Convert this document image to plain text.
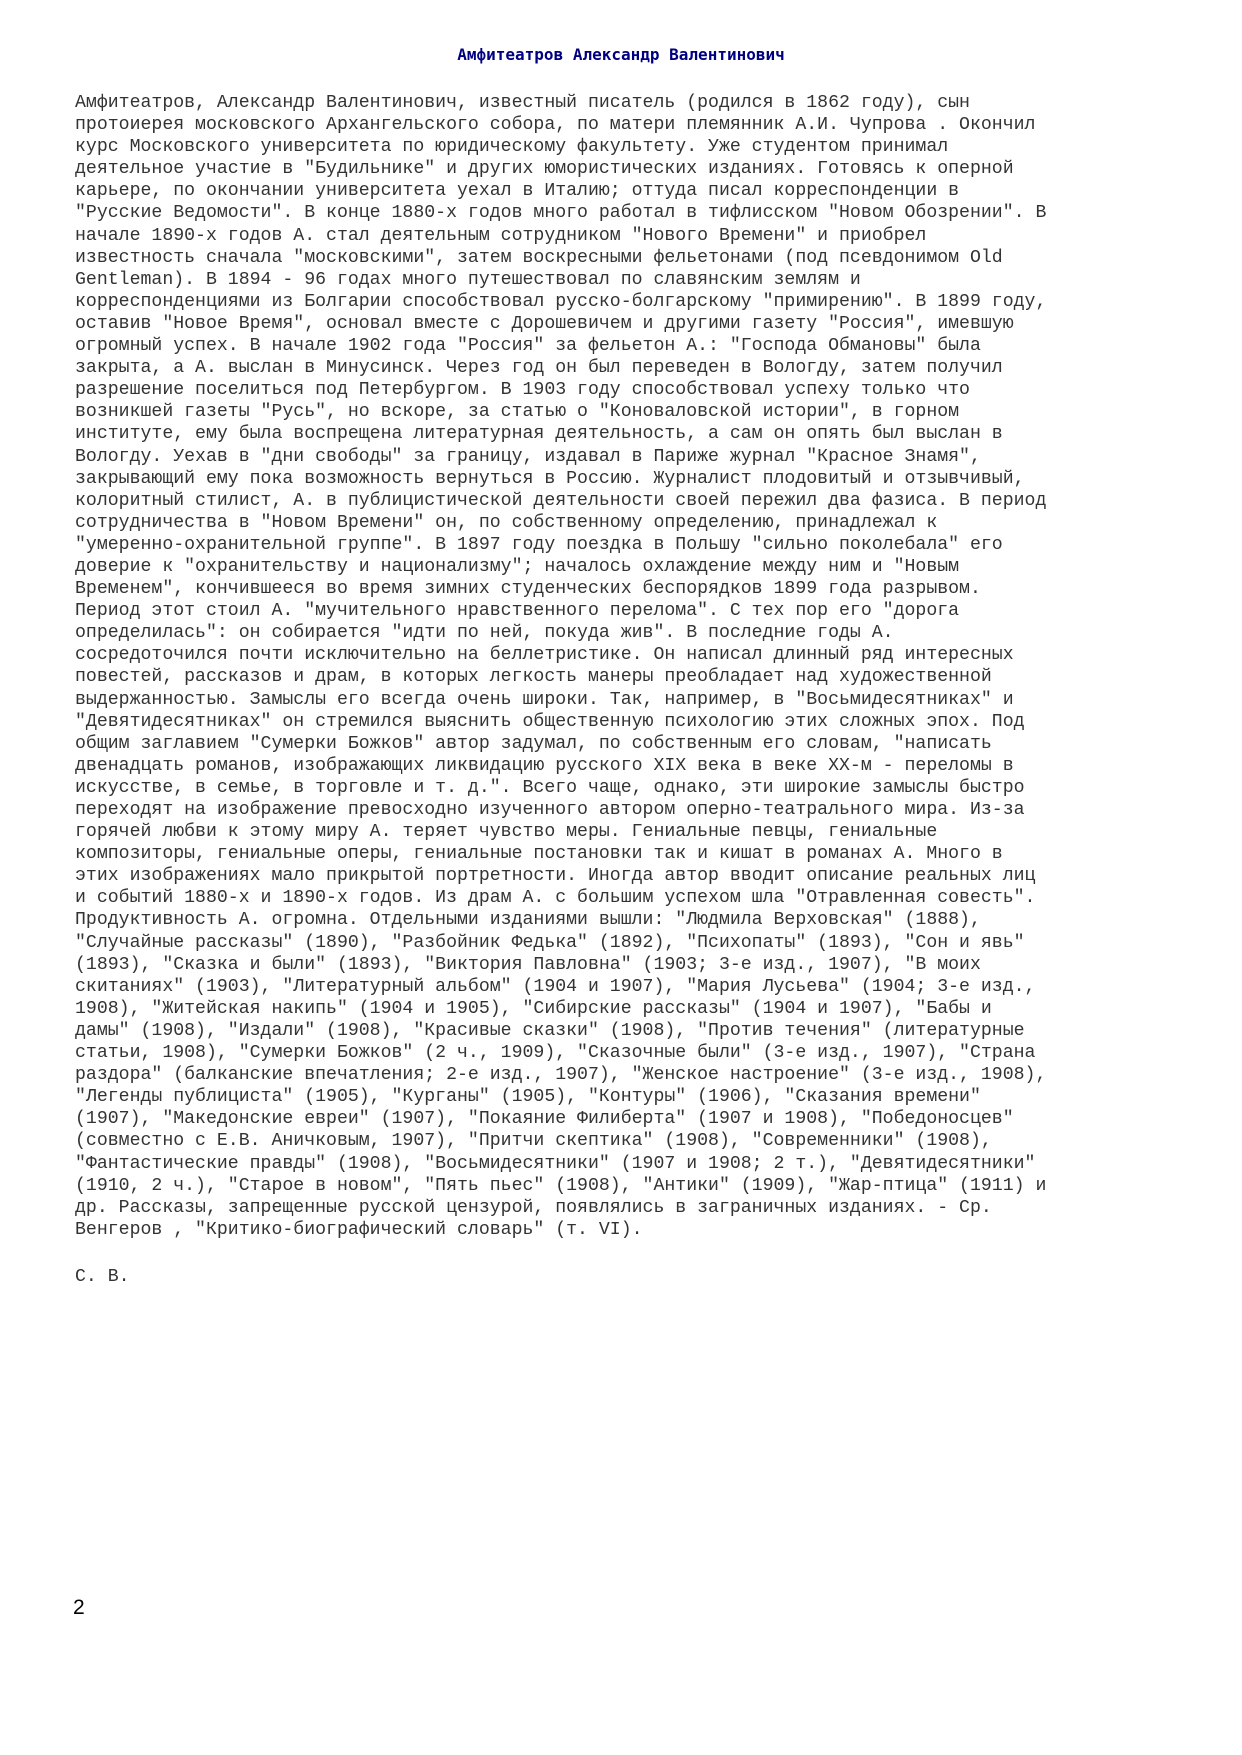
Амфитеатров Александр Валентинович

Амфитеатров, Александр Валентинович, известный писатель (родился в 1862 году), сын
протоиерея московского Архангельского собора, по матери племянник А.И. Чупрова . Окончил
курс Московского университета по юридическому факультету. Уже студентом принимал
деятельное участие в "Будильнике" и других юмористических изданиях. Готовясь к оперной
карьере, по окончании университета уехал в Италию; оттуда писал корреспонденции в
"Русские Ведомости". В конце 1880-х годов много работал в тифлисском "Новом Обозрении". В
начале 1890-х годов А. стал деятельным сотрудником "Нового Времени" и приобрел
известность сначала "московскими", затем воскресными фельетонами (под псевдонимом Old
Gentleman). В 1894 - 96 годах много путешествовал по славянским землям и
корреспонденциями из Болгарии способствовал русско-болгарскому "примирению". В 1899 году,
оставив "Новое Время", основал вместе с Дорошевичем и другими газету "Россия", имевшую
огромный успех. В начале 1902 года "Россия" за фельетон А.: "Господа Обмановы" была
закрыта, а А. выслан в Минусинск. Через год он был переведен в Вологду, затем получил
разрешение поселиться под Петербургом. В 1903 году способствовал успеху только что
возникшей газеты "Русь", но вскоре, за статью о "Коноваловской истории", в горном
институте, ему была воспрещена литературная деятельность, а сам он опять был выслан в
Вологду. Уехав в "дни свободы" за границу, издавал в Париже журнал "Красное Знамя",
закрывающий ему пока возможность вернуться в Россию. Журналист плодовитый и отзывчивый,
колоритный стилист, А. в публицистической деятельности своей пережил два фазиса. В период
сотрудничества в "Новом Времени" он, по собственному определению, принадлежал к
"умеренно-охранительной группе". В 1897 году поездка в Польшу "сильно поколебала" его
доверие к "охранительству и национализму"; началось охлаждение между ним и "Новым
Временем", кончившееся во время зимних студенческих беспорядков 1899 года разрывом.
Период этот стоил А. "мучительного нравственного перелома". С тех пор его "дорога
определилась": он собирается "идти по ней, покуда жив". В последние годы А.
сосредоточился почти исключительно на беллетристике. Он написал длинный ряд интересных
повестей, рассказов и драм, в которых легкость манеры преобладает над художественной
выдержанностью. Замыслы его всегда очень широки. Так, например, в "Восьмидесятниках" и
"Девятидесятниках" он стремился выяснить общественную психологию этих сложных эпох. Под
общим заглавием "Сумерки Божков" автор задумал, по собственным его словам, "написать
двенадцать романов, изображающих ликвидацию русского XIX века в веке XX-м - переломы в
искусстве, в семье, в торговле и т. д.". Всего чаще, однако, эти широкие замыслы быстро
переходят на изображение превосходно изученного автором оперно-театрального мира. Из-за
горячей любви к этому миру А. теряет чувство меры. Гениальные певцы, гениальные
композиторы, гениальные оперы, гениальные постановки так и кишат в романах А. Много в
этих изображениях мало прикрытой портретности. Иногда автор вводит описание реальных лиц
и событий 1880-х и 1890-х годов. Из драм А. с большим успехом шла "Отравленная совесть".
Продуктивность А. огромна. Отдельными изданиями вышли: "Людмила Верховская" (1888),
"Случайные рассказы" (1890), "Разбойник Федька" (1892), "Психопаты" (1893), "Сон и явь"
(1893), "Сказка и были" (1893), "Виктория Павловна" (1903; 3-е изд., 1907), "В моих
скитаниях" (1903), "Литературный альбом" (1904 и 1907), "Мария Лусьева" (1904; 3-е изд.,
1908), "Житейская накипь" (1904 и 1905), "Сибирские рассказы" (1904 и 1907), "Бабы и
дамы" (1908), "Издали" (1908), "Красивые сказки" (1908), "Против течения" (литературные
статьи, 1908), "Сумерки Божков" (2 ч., 1909), "Сказочные были" (3-е изд., 1907), "Страна
раздора" (балканские впечатления; 2-е изд., 1907), "Женское настроение" (3-е изд., 1908),
"Легенды публициста" (1905), "Курганы" (1905), "Контуры" (1906), "Сказания времени"
(1907), "Македонские евреи" (1907), "Покаяние Филиберта" (1907 и 1908), "Победоносцев"
(совместно с Е.В. Аничковым, 1907), "Притчи скептика" (1908), "Современники" (1908),
"Фантастические правды" (1908), "Восьмидесятники" (1907 и 1908; 2 т.), "Девятидесятники"
(1910, 2 ч.), "Старое в новом", "Пять пьес" (1908), "Антики" (1909), "Жар-птица" (1911) и
др. Рассказы, запрещенные русской цензурой, появлялись в заграничных изданиях. - Ср.
Венгеров , "Критико-биографический словарь" (т. VI).

С. В.

2
